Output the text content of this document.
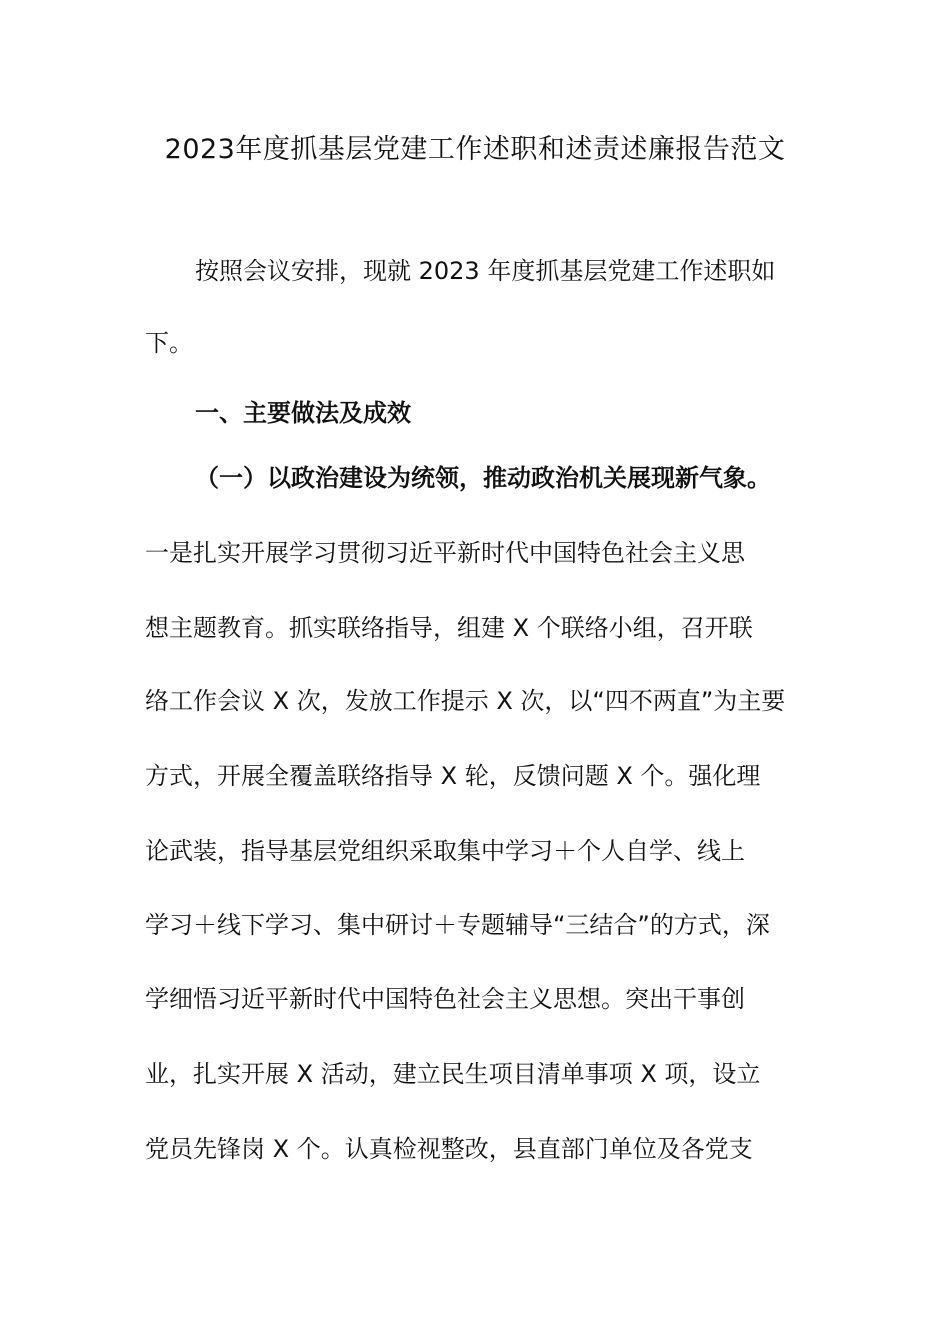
2023年度抓基层党建工作述职和述责述廉报告范文
按照会议安排，现就 2023 年度抓基层党建工作述职如
下。
一、主要做法及成效
（一）以政治建设为统领，推动政治机关展现新气象。
一是扎实开展学习贯彻习近平新时代中国特色社会主义思
想主题教育。抓实联络指导，组建 X 个联络小组，召开联
络工作会议 X 次，发放工作提示 X 次，以“四不两直”为主要
方式，开展全覆盖联络指导 X 轮，反馈问题 X 个。强化理
论武装，指导基层党组织采取集中学习＋个人自学、线上
学习＋线下学习、集中研讨＋专题辅导“三结合”的方式，深
学细悟习近平新时代中国特色社会主义思想。突出干事创
业，扎实开展 X 活动，建立民生项目清单事项 X 项，设立
党员先锋岗 X 个。认真检视整改，县直部门单位及各党支
